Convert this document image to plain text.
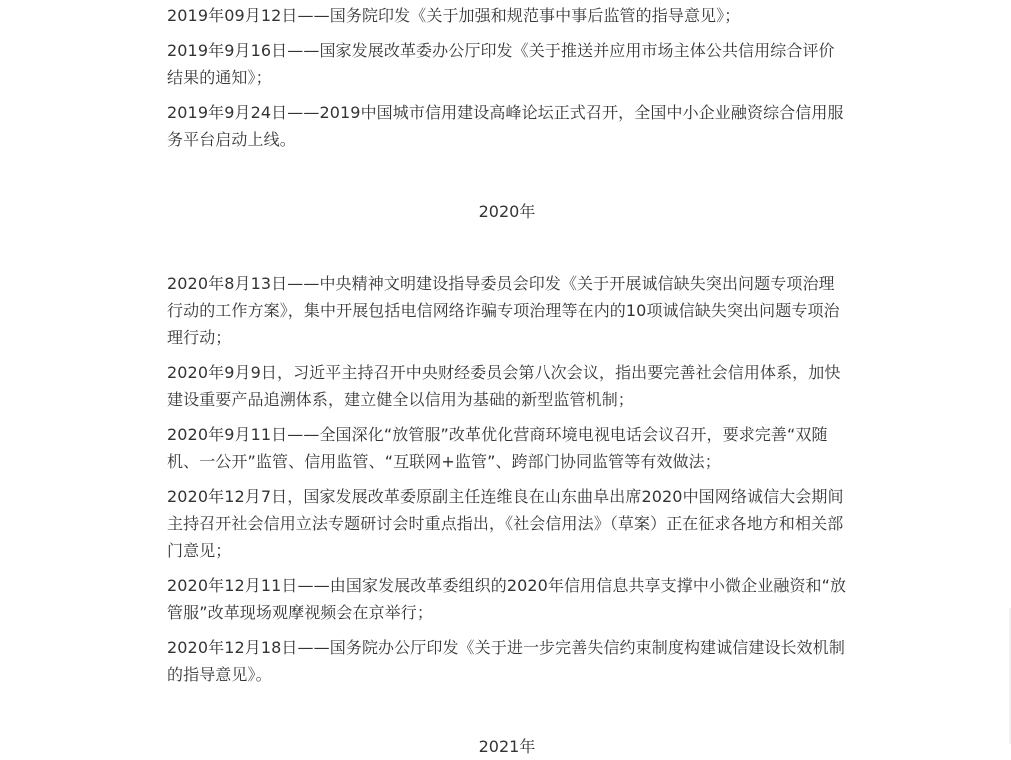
2019年09月12日——国务院印发《关于加强和规范事中事后监管的指导意见》；

2019年9月16日——国家发展改革委办公厅印发《关于推送并应用市场主体公共信用综合评价结果的通知》；

2019年9月24日——2019中国城市信用建设高峰论坛正式召开，全国中小企业融资综合信用服务平台启动上线。

2020年

2020年8月13日——中央精神文明建设指导委员会印发《关于开展诚信缺失突出问题专项治理行动的工作方案》，集中开展包括电信网络诈骗专项治理等在内的10项诚信缺失突出问题专项治理行动；

2020年9月9日，习近平主持召开中央财经委员会第八次会议，指出要完善社会信用体系，加快建设重要产品追溯体系，建立健全以信用为基础的新型监管机制；

2020年9月11日——全国深化“放管服”改革优化营商环境电视电话会议召开，要求完善“双随机、一公开”监管、信用监管、“互联网+监管”、跨部门协同监管等有效做法；

2020年12月7日，国家发展改革委原副主任连维良在山东曲阜出席2020中国网络诚信大会期间主持召开社会信用立法专题研讨会时重点指出，《社会信用法》（草案）正在征求各地方和相关部门意见；

2020年12月11日——由国家发展改革委组织的2020年信用信息共享支撑中小微企业融资和“放管服”改革现场观摩视频会在京举行；

2020年12月18日——国务院办公厅印发《关于进一步完善失信约束制度构建诚信建设长效机制的指导意见》。

2021年
